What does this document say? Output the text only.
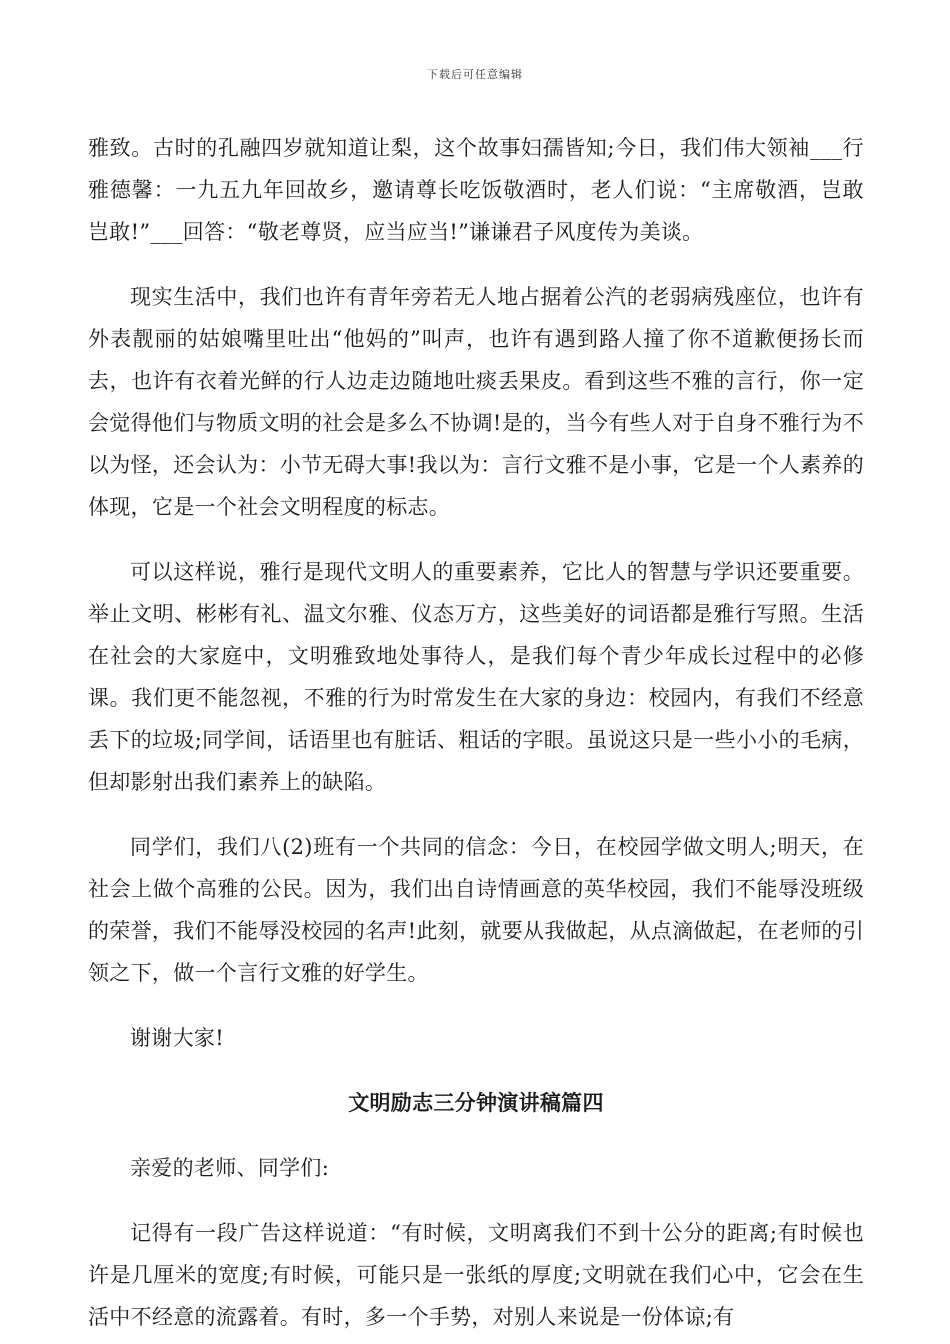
下载后可任意编辑

雅致。古时的孔融四岁就知道让梨，这个故事妇孺皆知;今日，我们伟大领袖___行雅德馨：一九五九年回故乡，邀请尊长吃饭敬酒时，老人们说：“主席敬酒，岂敢岂敢!”___回答：“敬老尊贤，应当应当!”谦谦君子风度传为美谈。

现实生活中，我们也许有青年旁若无人地占据着公汽的老弱病残座位，也许有外表靓丽的姑娘嘴里吐出“他妈的”叫声，也许有遇到路人撞了你不道歉便扬长而去，也许有衣着光鲜的行人边走边随地吐痰丢果皮。看到这些不雅的言行，你一定会觉得他们与物质文明的社会是多么不协调!是的，当今有些人对于自身不雅行为不以为怪，还会认为：小节无碍大事!我以为：言行文雅不是小事，它是一个人素养的体现，它是一个社会文明程度的标志。

可以这样说，雅行是现代文明人的重要素养，它比人的智慧与学识还要重要。举止文明、彬彬有礼、温文尔雅、仪态万方，这些美好的词语都是雅行写照。生活在社会的大家庭中，文明雅致地处事待人，是我们每个青少年成长过程中的必修课。我们更不能忽视，不雅的行为时常发生在大家的身边：校园内，有我们不经意丢下的垃圾;同学间，话语里也有脏话、粗话的字眼。虽说这只是一些小小的毛病，但却影射出我们素养上的缺陷。

同学们，我们八(2)班有一个共同的信念：今日，在校园学做文明人;明天，在社会上做个高雅的公民。因为，我们出自诗情画意的英华校园，我们不能辱没班级的荣誉，我们不能辱没校园的名声!此刻，就要从我做起，从点滴做起，在老师的引领之下，做一个言行文雅的好学生。

谢谢大家!

文明励志三分钟演讲稿篇四

亲爱的老师、同学们:

记得有一段广告这样说道：“有时候，文明离我们不到十公分的距离;有时候也许是几厘米的宽度;有时候，可能只是一张纸的厚度;文明就在我们心中，它会在生活中不经意的流露着。有时，多一个手势，对别人来说是一份体谅;有
